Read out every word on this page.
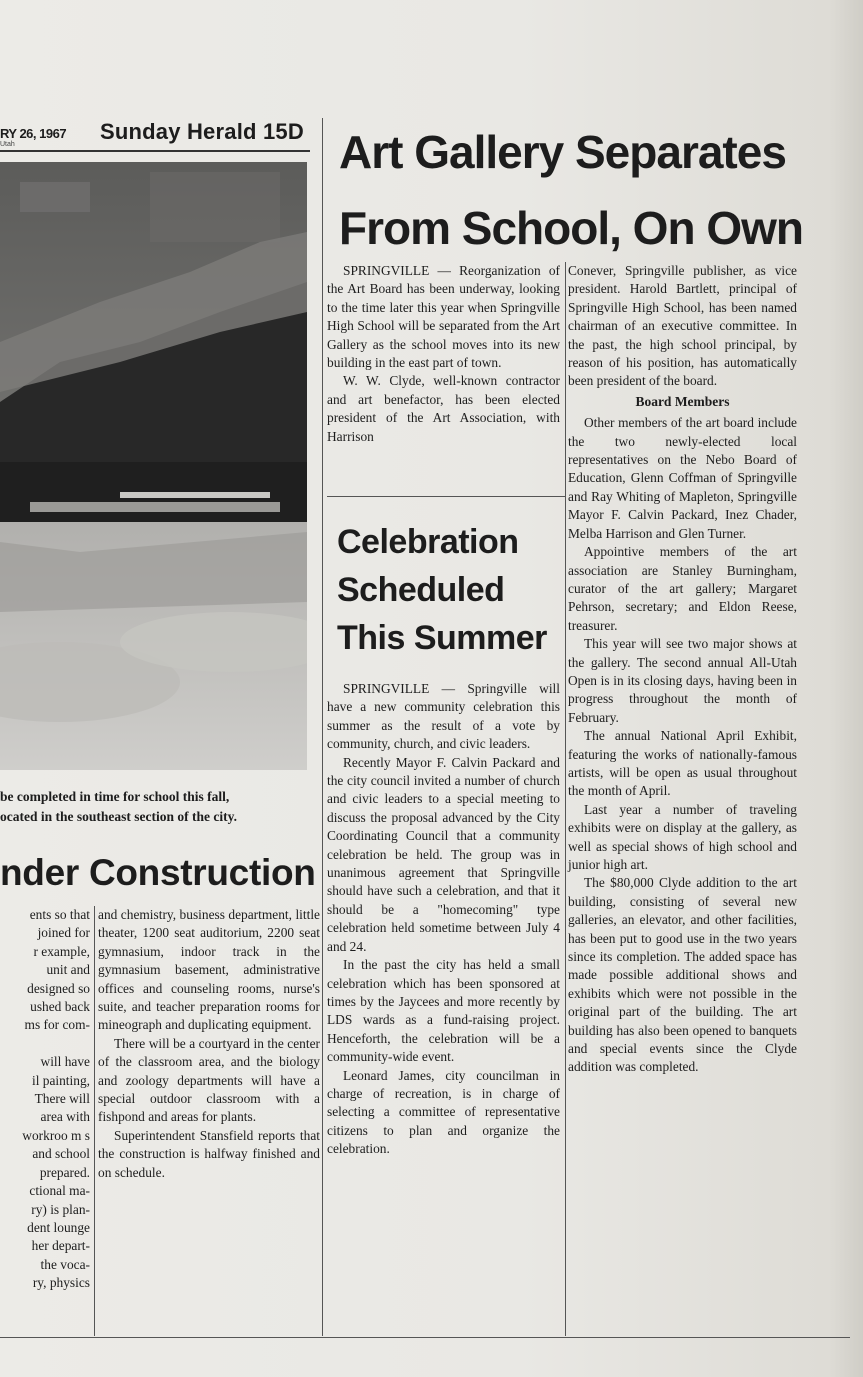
RY 26, 1967
Utah
Sunday Herald 15D
be completed in time for school this fall,
ocated in the southeast section of the city.
nder Construction
ents so that
joined for
r example,
unit and
designed so
ushed back
ms for com-

will have
il painting,
There will
area with
workroo m s
and school
prepared.
ctional ma-
ry) is plan-
dent lounge
her depart-
the voca-
ry, physics

and chemistry, business department, little theater, 1200 seat auditorium, 2200 seat gymnasium, indoor track in the gymnasium basement, administrative offices and counseling rooms, nurse's suite, and teacher preparation rooms for mineograph and duplicating equipment.

There will be a courtyard in the center of the classroom area, and the biology and zoology departments will have a special outdoor classroom with a fishpond and areas for plants.

Superintendent Stansfield reports that the construction is halfway finished and on schedule.

Art Gallery Separates
From School, On Own

SPRINGVILLE — Reorganization of the Art Board has been underway, looking to the time later this year when Springville High School will be separated from the Art Gallery as the school moves into its new building in the east part of town.

W. W. Clyde, well-known contractor and art benefactor, has been elected president of the Art Association, with Harrison

Celebration
Scheduled
This Summer

SPRINGVILLE — Springville will have a new community celebration this summer as the result of a vote by community, church, and civic leaders.

Recently Mayor F. Calvin Packard and the city council invited a number of church and civic leaders to a special meeting to discuss the proposal advanced by the City Coordinating Council that a community celebration be held. The group was in unanimous agreement that Springville should have such a celebration, and that it should be a "homecoming" type celebration held sometime between July 4 and 24.

In the past the city has held a small celebration which has been sponsored at times by the Jaycees and more recently by LDS wards as a fund-raising project. Henceforth, the celebration will be a community-wide event.

Leonard James, city councilman in charge of recreation, is in charge of selecting a committee of representative citizens to plan and organize the celebration.

Conever, Springville publisher, as vice president. Harold Bartlett, principal of Springville High School, has been named chairman of an executive committee. In the past, the high school principal, by reason of his position, has automatically been president of the board.

Board Members

Other members of the art board include the two newly-elected local representatives on the Nebo Board of Education, Glenn Coffman of Springville and Ray Whiting of Mapleton, Springville Mayor F. Calvin Packard, Inez Chader, Melba Harrison and Glen Turner.

Appointive members of the art association are Stanley Burningham, curator of the art gallery; Margaret Pehrson, secretary; and Eldon Reese, treasurer.

This year will see two major shows at the gallery. The second annual All-Utah Open is in its closing days, having been in progress throughout the month of February.

The annual National April Exhibit, featuring the works of nationally-famous artists, will be open as usual throughout the month of April.

Last year a number of traveling exhibits were on display at the gallery, as well as special shows of high school and junior high art.

The $80,000 Clyde addition to the art building, consisting of several new galleries, an elevator, and other facilities, has been put to good use in the two years since its completion. The added space has made possible additional shows and exhibits which were not possible in the original part of the building. The art building has also been opened to banquets and special events since the Clyde addition was completed.
